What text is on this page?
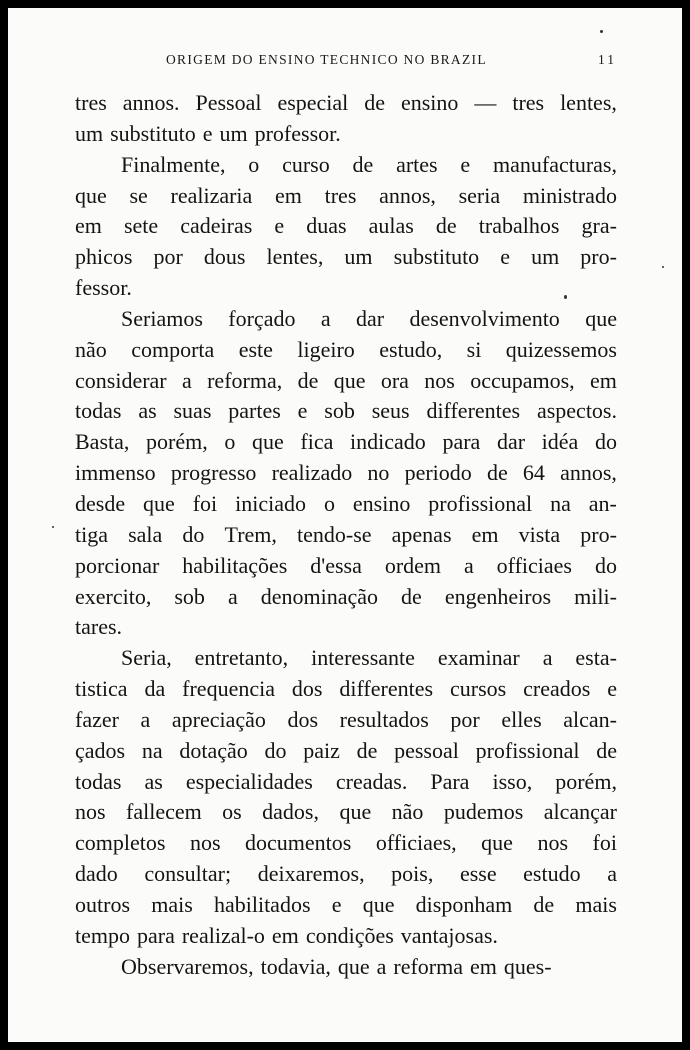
ORIGEM DO ENSINO TECHNICO NO BRAZIL	11
tres annos. Pessoal especial de ensino — tres lentes,
um substituto e um professor.
Finalmente, o curso de artes e manufacturas,
que se realizaria em tres annos, seria ministrado
em sete cadeiras e duas aulas de trabalhos gra-
phicos por dous lentes, um substituto e um pro-
fessor.
Seriamos forçado a dar desenvolvimento que
não comporta este ligeiro estudo, si quizessemos
considerar a reforma, de que ora nos occupamos, em
todas as suas partes e sob seus differentes aspectos.
Basta, porém, o que fica indicado para dar idéa do
immenso progresso realizado no periodo de 64 annos,
desde que foi iniciado o ensino profissional na an-
tiga sala do Trem, tendo-se apenas em vista pro-
porcionar habilitações d'essa ordem a officiaes do
exercito, sob a denominação de engenheiros mili-
tares.
Seria, entretanto, interessante examinar a esta-
tistica da frequencia dos differentes cursos creados e
fazer a apreciação dos resultados por elles alcan-
çados na dotação do paiz de pessoal profissional de
todas as especialidades creadas. Para isso, porém,
nos fallecem os dados, que não pudemos alcançar
completos nos documentos officiaes, que nos foi
dado consultar; deixaremos, pois, esse estudo a
outros mais habilitados e que disponham de mais
tempo para realizal-o em condições vantajosas.
Observaremos, todavia, que a reforma em ques-
